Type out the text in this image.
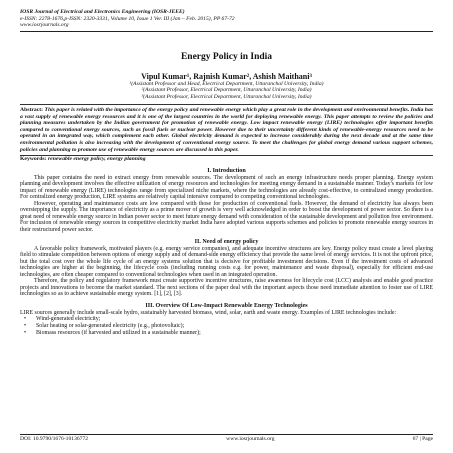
IOSR Journal of Electrical and Electronics Engineering (IOSR-JEEE)
e-ISSN: 2278-1676,p-ISSN: 2320-3331, Volume 10, Issue 1 Ver. III (Jan – Feb. 2015), PP 67-72
www.iosrjournals.org
Energy Policy in India
Vipul Kumar¹, Rajnish Kumar², Ashish Maithani³
¹(Assistant Professor and Head, Electrical Department, Uttaranchal University, India)
²(Assistant Professor, Electrical Department, Uttaranchal University, India)
³(Assistant Professor, Electrical Department, Uttaranchal University, India)
Abstract: This paper is related with the importance of the energy policy and renewable energy which play a great role in the development and environmental benefits. India has a vast supply of renewable energy resources and it is one of the largest countries in the world for deploying renewable energy. This paper attempts to review the policies and planning measures undertaken by the Indian government for promotion of renewable energy. Low impact renewable energy (LIRE) technologies offer important benefits compared to conventional energy sources, such as fossil fuels or nuclear power. However due to their uncertainty different kinds of renewable-energy resources need to be operated in an integrated way, which complement each other. Global electricity demand is expected to increase considerably during the next decade and at the same time environmental pollution is also increasing with the development of conventional energy source. To meet the challenges for global energy demand various support schemes, policies and planning to promote use of renewable energy sources are discussed in this paper.
Keywords: renewable energy policy, energy planning
I. Introduction

This paper contains the need to extract energy from renewable sources. The development of such an energy infrastructure needs proper planning. Energy system planning and development involves the effective utilization of energy resources and technologies for meeting energy demand in a sustainable manner. Today's markets for low impact of renewable energy (LIRE) technologies range from specialized niche markets, where the technologies are already cost-effective, to centralized energy production. For centralized energy production, LIRE systems are relatively capital intensive compared to competing conventional technologies.

However, operating and maintenance costs are low compared with those for production of conventional fuels. However, the demand of electricity has always been overstepping the supply. The importance of electricity as a prime mover of growth is very well acknowledged in order to boost the development of power sector. So there is a great need of renewable energy source in Indian power sector to meet future energy demand with consideration of the sustainable development and pollution free environment. For inclusion of renewable energy sources in competitive electricity market India have adopted various supports schemes and policies to promote renewable energy sources in their restructured power sector.

II. Need of energy policy

A favorable policy framework, motivated players (e.g. energy service companies), and adequate incentive structures are key. Energy policy must create a level playing field to stimulate competition between options of energy supply and of demand-side energy efficiency that provide the same level of energy services. It is not the upfront price, but the total cost over the whole life cycle of an energy systems solution that is decisive for profitable investment decisions. Even if the investment costs of advanced technologies are higher at the beginning, the lifecycle costs (including running costs e.g. for power, maintenance and waste disposal), especially for efficient end-use technologies, are often cheaper compared to conventional technologies when used in an integrated operation.

Therefore, the policy and regulatory framework must create supportive incentive structures, raise awareness for lifecycle cost (LCC) analysis and enable good practice projects and innovations to become the market standard. The next sections of the paper deal with the important aspects those need immediate attention to foster use of LIRE technologies so as to achieve sustainable energy system. [1], [2], [3].

III. Overview Of Low-Impact Renewable Energy Technologies

LIRE sources generally include small-scale hydro, sustainably harvested biomass, wind, solar, earth and waste energy. Examples of LIRE technologies include:

• Wind-generated electricity;
• Solar heating or solar-generated electricity (e.g., photovoltaic);
• Biomass resources (if harvested and utilized in a sustainable manner);
DOI: 10.9790/1676-10136772	www.iosrjournals.org	67 | Page
